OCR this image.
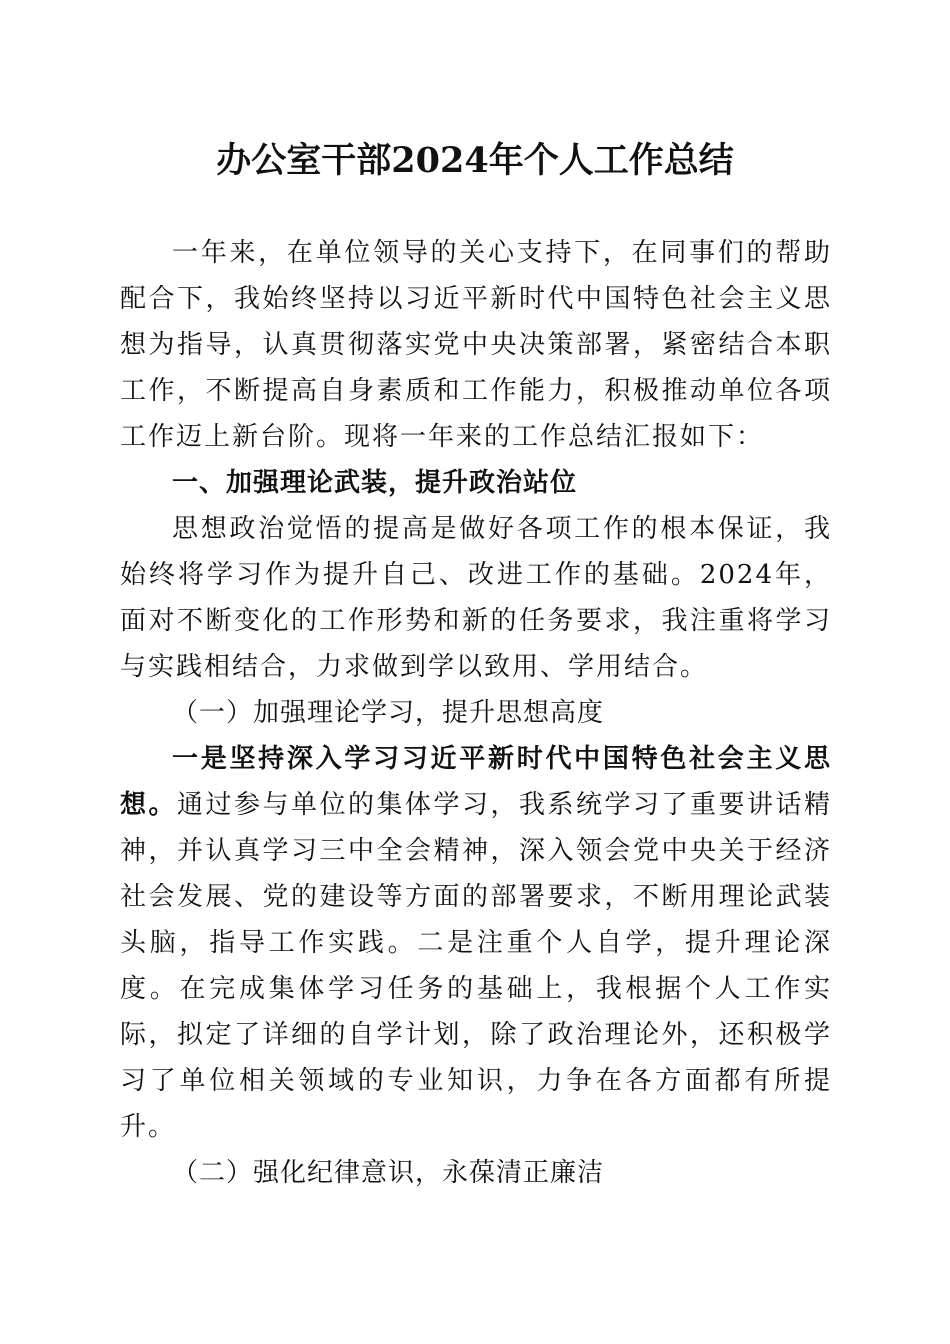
办公室干部2024年个人工作总结

一年来，在单位领导的关心支持下，在同事们的帮助配合下，我始终坚持以习近平新时代中国特色社会主义思想为指导，认真贯彻落实党中央决策部署，紧密结合本职工作，不断提高自身素质和工作能力，积极推动单位各项工作迈上新台阶。现将一年来的工作总结汇报如下：

一、加强理论武装，提升政治站位

思想政治觉悟的提高是做好各项工作的根本保证，我始终将学习作为提升自己、改进工作的基础。2024年，面对不断变化的工作形势和新的任务要求，我注重将学习与实践相结合，力求做到学以致用、学用结合。

（一）加强理论学习，提升思想高度

一是坚持深入学习习近平新时代中国特色社会主义思想。通过参与单位的集体学习，我系统学习了重要讲话精神，并认真学习三中全会精神，深入领会党中央关于经济社会发展、党的建设等方面的部署要求，不断用理论武装头脑，指导工作实践。二是注重个人自学，提升理论深度。在完成集体学习任务的基础上，我根据个人工作实际，拟定了详细的自学计划，除了政治理论外，还积极学习了单位相关领域的专业知识，力争在各方面都有所提升。

（二）强化纪律意识，永葆清正廉洁
